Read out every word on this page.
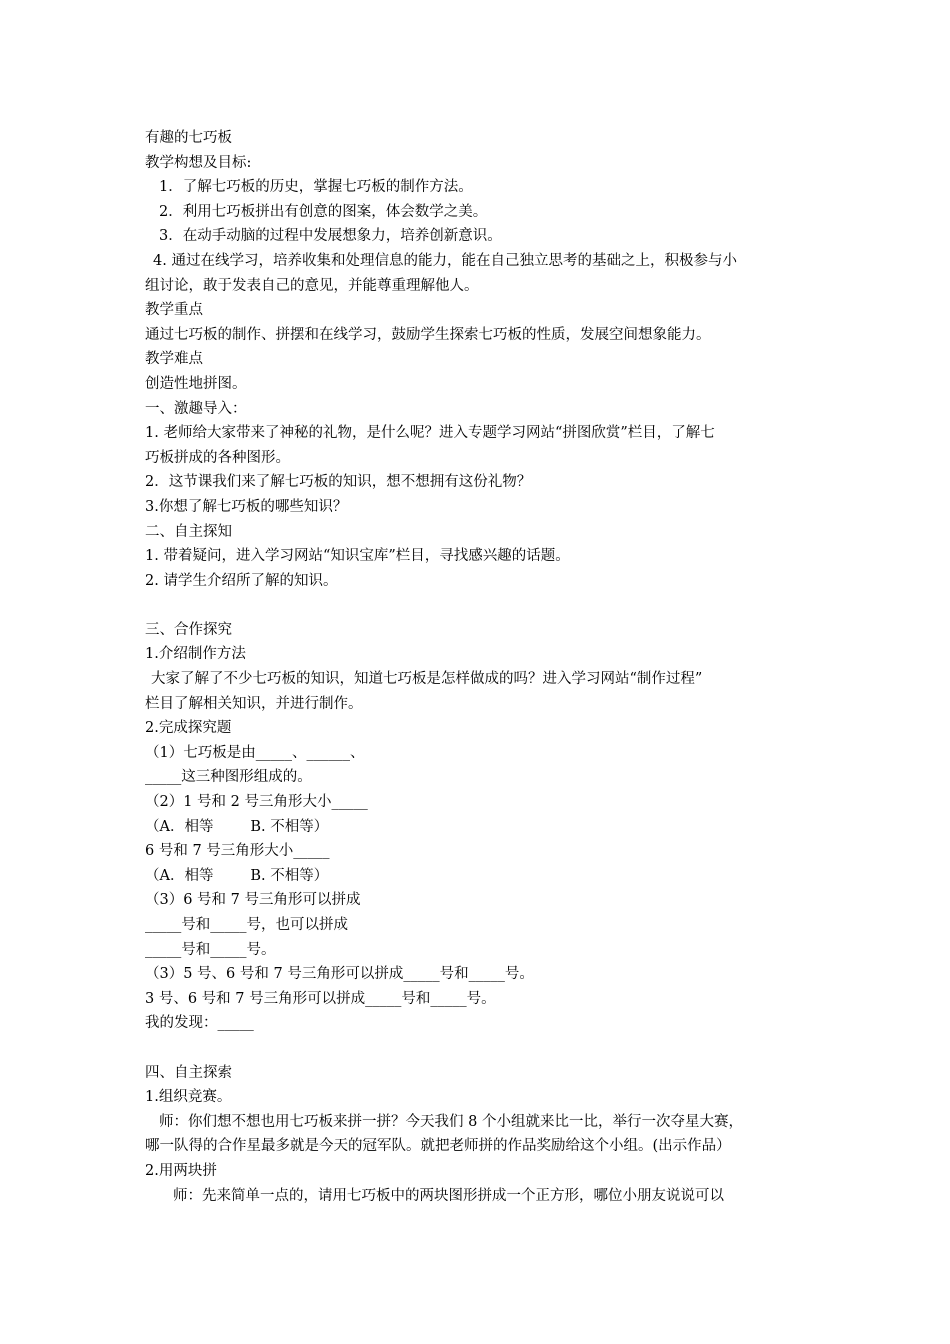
有趣的七巧板
教学构想及目标:
1．了解七巧板的历史，掌握七巧板的制作方法。
2．利用七巧板拼出有创意的图案，体会数学之美。
3．在动手动脑的过程中发展想象力，培养创新意识。
4. 通过在线学习，培养收集和处理信息的能力，能在自己独立思考的基础之上，积极参与小
组讨论，敢于发表自己的意见，并能尊重理解他人。
教学重点
通过七巧板的制作、拼摆和在线学习，鼓励学生探索七巧板的性质，发展空间想象能力。
教学难点
创造性地拼图。
一、激趣导入：
1. 老师给大家带来了神秘的礼物，是什么呢？进入专题学习网站“拼图欣赏”栏目，了解七
巧板拼成的各种图形。
2．这节课我们来了解七巧板的知识，想不想拥有这份礼物？
3.你想了解七巧板的哪些知识？
二、自主探知
1. 带着疑问，进入学习网站“知识宝库”栏目，寻找感兴趣的话题。
2. 请学生介绍所了解的知识。
三、合作探究
1.介绍制作方法
大家了解了不少七巧板的知识，知道七巧板是怎样做成的吗？进入学习网站“制作过程”
栏目了解相关知识，并进行制作。
2.完成探究题
（1）七巧板是由_____、______、
_____这三种图形组成的。
（2）1 号和 2 号三角形大小_____
（A．相等        B. 不相等）
6 号和 7 号三角形大小_____
（A．相等        B. 不相等）
（3）6 号和 7 号三角形可以拼成
_____号和_____号，也可以拼成
_____号和_____号。
（3）5 号、6 号和 7 号三角形可以拼成_____号和_____号。
3 号、6 号和 7 号三角形可以拼成_____号和_____号。
我的发现：_____
四、自主探索
1.组织竞赛。
师：你们想不想也用七巧板来拼一拼？今天我们 8 个小组就来比一比，举行一次夺星大赛，
哪一队得的合作星最多就是今天的冠军队。就把老师拼的作品奖励给这个小组。(出示作品）
2.用两块拼
师：先来简单一点的，请用七巧板中的两块图形拼成一个正方形，哪位小朋友说说可以
